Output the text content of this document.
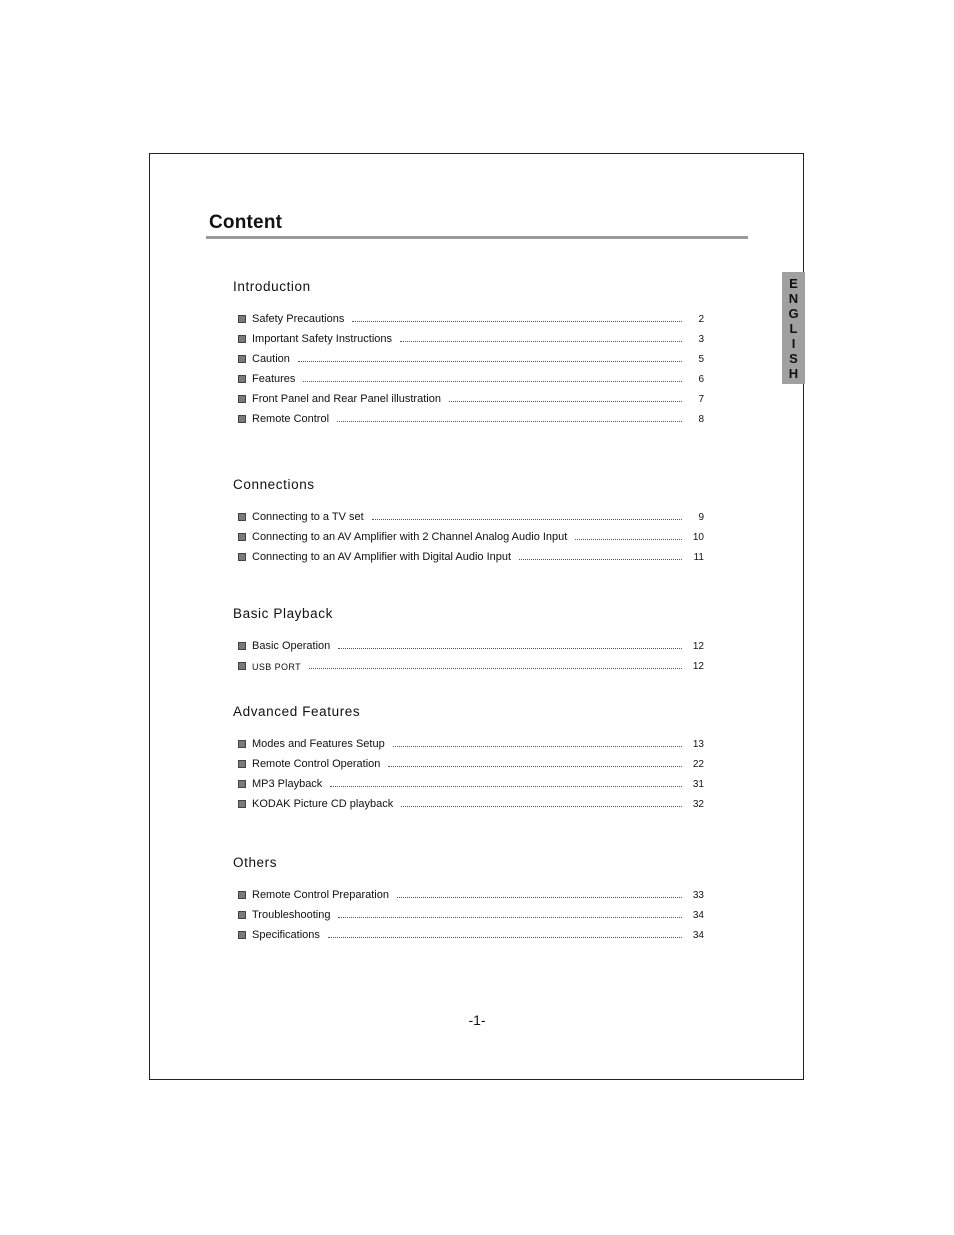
Content
E
N
G
L
I
S
H
Introduction
Safety Precautions	2
Important Safety Instructions	3
Caution	5
Features	6
Front Panel and Rear Panel illustration	7
Remote Control	8
Connections
Connecting to a TV set	9
Connecting to an AV Amplifier with 2 Channel Analog Audio Input	10
Connecting to an AV Amplifier with Digital Audio Input	11
Basic Playback
Basic Operation	12
USB PORT	12
Advanced Features
Modes and Features Setup	13
Remote Control Operation	22
MP3 Playback	31
KODAK Picture CD playback	32
Others
Remote Control Preparation	33
Troubleshooting	34
Specifications	34
-1-
